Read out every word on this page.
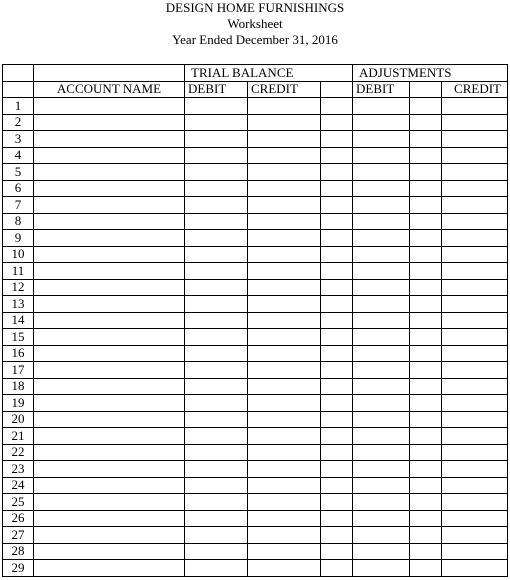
DESIGN HOME FURNISHINGS
Worksheet
Year Ended December 31, 2016
		TRIAL BALANCE			ADJUSTMENTS		
	ACCOUNT NAME	DEBIT	CREDIT		DEBIT		CREDIT
1							
2							
3							
4							
5							
6							
7							
8							
9							
10							
11							
12							
13							
14							
15							
16							
17							
18							
19							
20							
21							
22							
23							
24							
25							
26							
27							
28							
29							
